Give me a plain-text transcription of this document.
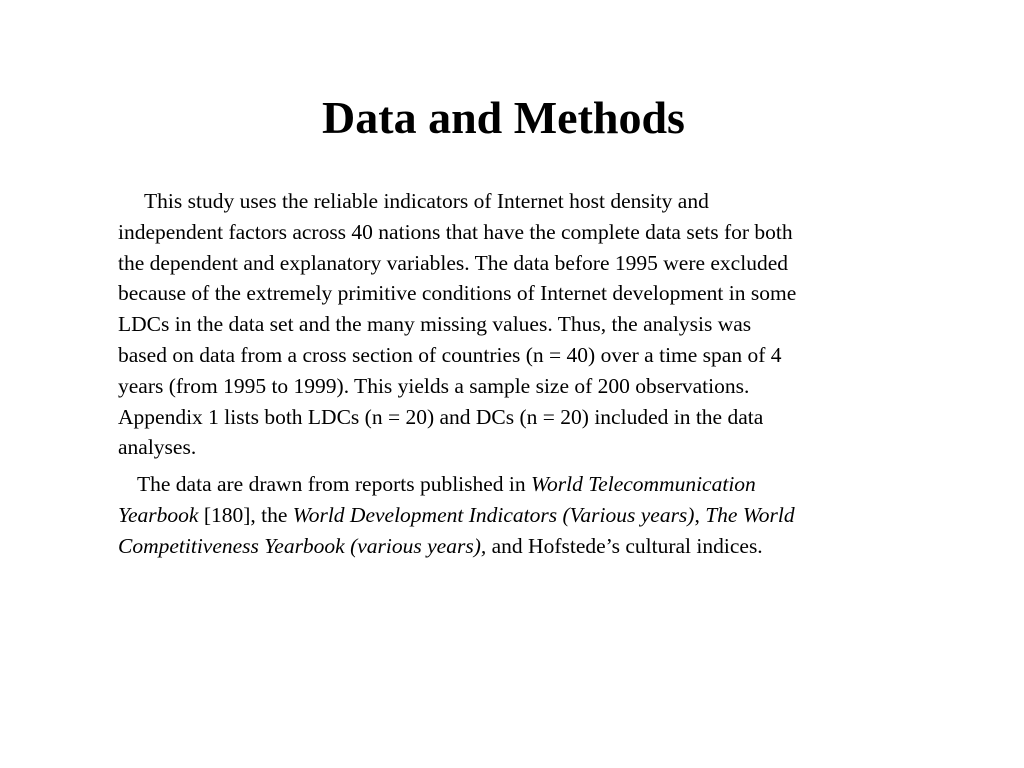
Data and Methods

This study uses the reliable indicators of Internet host density and
independent factors across 40 nations that have the complete data sets for both
the dependent and explanatory variables. The data before 1995 were excluded
because of the extremely primitive conditions of Internet development in some
LDCs in the data set and the many missing values. Thus, the analysis was
based on data from a cross section of countries (n = 40) over a time span of 4
years (from 1995 to 1999). This yields a sample size of 200 observations.
Appendix 1 lists both LDCs (n = 20) and DCs (n = 20) included in the data
analyses.

The data are drawn from reports published in World Telecommunication
Yearbook [180], the World Development Indicators (Various years), The World
Competitiveness Yearbook (various years), and Hofstede’s cultural indices.
